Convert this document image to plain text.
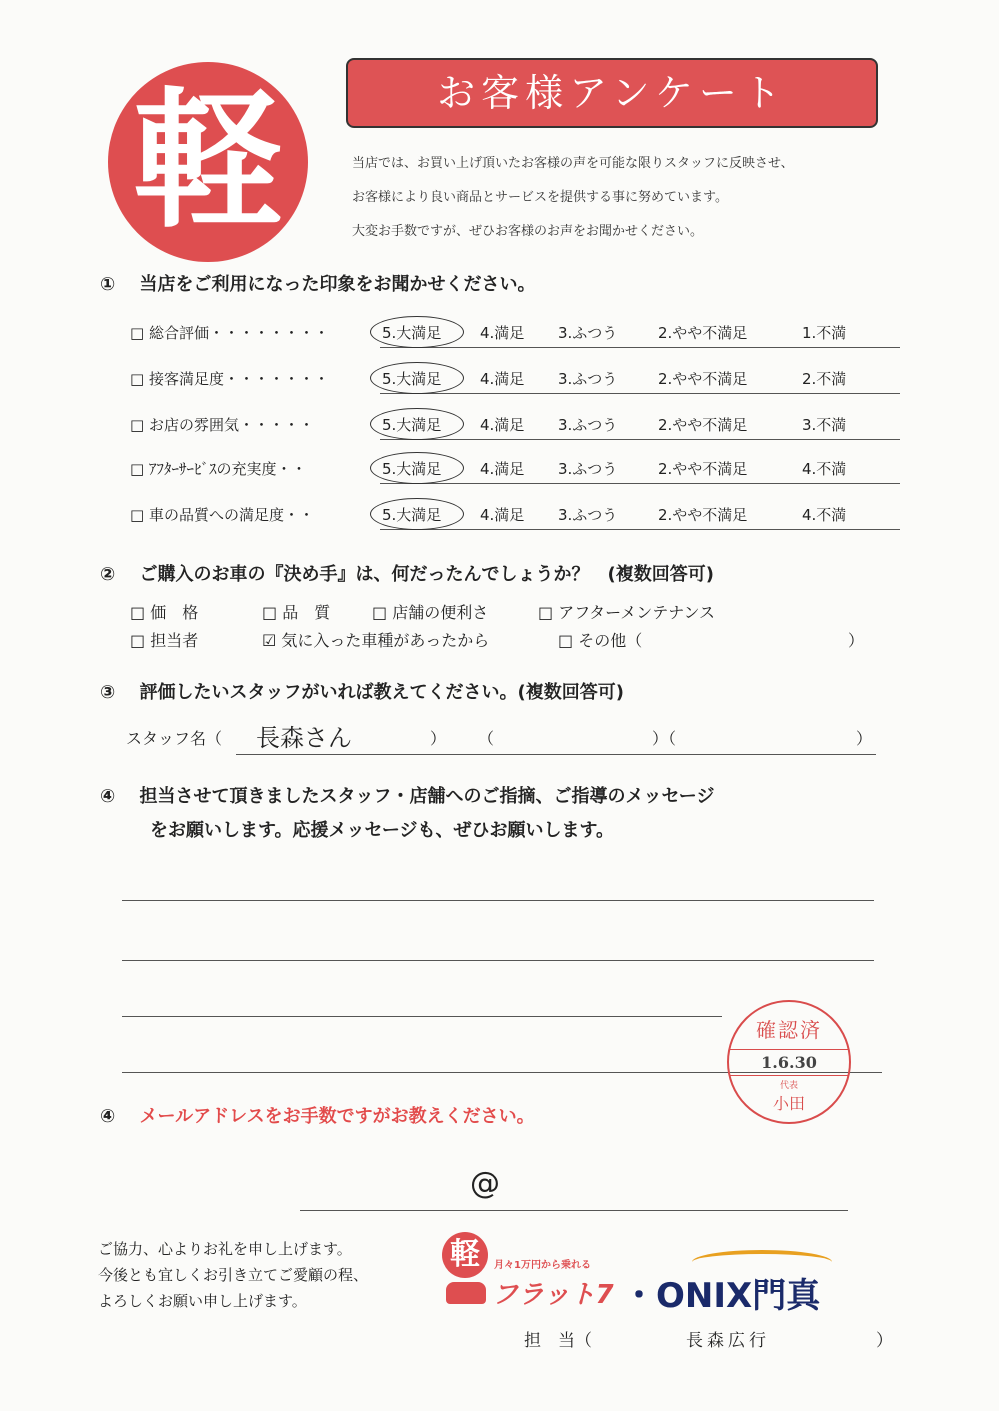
軽	お客様アンケート
当店では、お買い上げ頂いたお客様の声を可能な限りスタッフに反映させ、
お客様により良い商品とサービスを提供する事に努めています。
大変お手数ですが、ぜひお客様のお声をお聞かせください。
① 当店をご利用になった印象をお聞かせください。
□ 総合評価・・・・・・・・	5.大満足	4.満足 3.ふつう	2.やや不満足	1.不満
□ 接客満足度・・・・・・・	5.大満足	4.満足 3.ふつう	2.やや不満足	2.不満
□ お店の雰囲気・・・・・	5.大満足	4.満足 3.ふつう	2.やや不満足	3.不満
□ ｱﾌﾀｰｻｰﾋﾞｽの充実度・・	5.大満足	4.満足 3.ふつう	2.やや不満足	4.不満
□ 車の品質への満足度・・	5.大満足	4.満足 3.ふつう	2.やや不満足	4.不満
② ご購入のお車の『決め手』は、何だったんでしょうか？　(複数回答可)
□ 価　格	□ 品　質	□ 店舗の便利さ	□ アフターメンテナンス
□ 担当者	☑ 気に入った車種があったから	□ その他（	）
③ 評価したいスタッフがいれば教えてください。(複数回答可)
スタッフ名（ 長森さん	） （	）（	）
④ 担当させて頂きましたスタッフ・店舗へのご指摘、ご指導のメッセージ
をお願いします。応援メッセージも、ぜひお願いします。
確認済
1.6.30
代表
小田
④ メールアドレスをお手数ですがお教えください。
@
ご協力、心よりお礼を申し上げます。
今後とも宜しくお引き立てご愛顧の程、
よろしくお願い申し上げます。
軽	月々1万円から乗れる
フラット7 ・ONIX門真
担　当（	長森広行	）
